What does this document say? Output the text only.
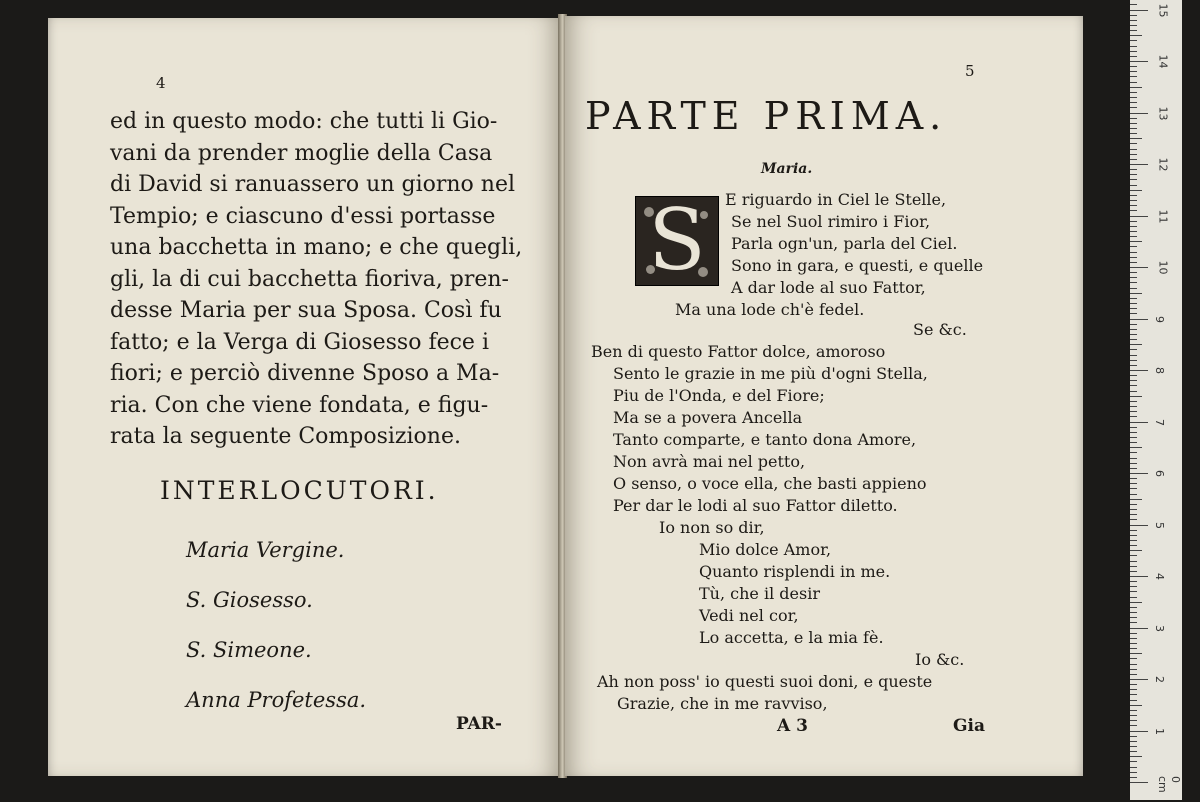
4
ed in questo modo: che tutti li Gio-
vani da prender moglie della Casa
di David si ranuassero un giorno nel
Tempio; e ciascuno d'essi portasse
una bacchetta in mano; e che quegli,
gli, la di cui bacchetta fioriva, pren-
desse Maria per sua Sposa. Così fu
fatto; e la Verga di Giosesso fece i
fiori; e perciò divenne Sposo a Ma-
ria. Con che viene fondata, e figu-
rata la seguente Composizione.
INTERLOCUTORI.
Maria Vergine.
S. Giosesso.
S. Simeone.
Anna Profetessa.
PAR-
5
PARTE PRIMA.
Maria.
S	E riguardo in Ciel le Stelle,
Se nel Suol rimiro i Fior,
Parla ogn'un, parla del Ciel.
Sono in gara, e questi, e quelle
A dar lode al suo Fattor,
Ma una lode ch'è fedel.
Se &c.
Ben di questo Fattor dolce, amoroso
Sento le grazie in me più d'ogni Stella,
Piu de l'Onda, e del Fiore;
Ma se a povera Ancella
Tanto comparte, e tanto dona Amore,
Non avrà mai nel petto,
O senso, o voce ella, che basti appieno
Per dar le lodi al suo Fattor diletto.
Io non so dir,
Mio dolce Amor,
Quanto risplendi in me.
Tù, che il desir
Vedi nel cor,
Lo accetta, e la mia fè.
Io &c.
Ah non poss' io questi suoi doni, e queste
Grazie, che in me ravviso,
A 3	Gia
0 cm
1
2
3
4
5
6
7
8
9
10
11
12
13
14
15
